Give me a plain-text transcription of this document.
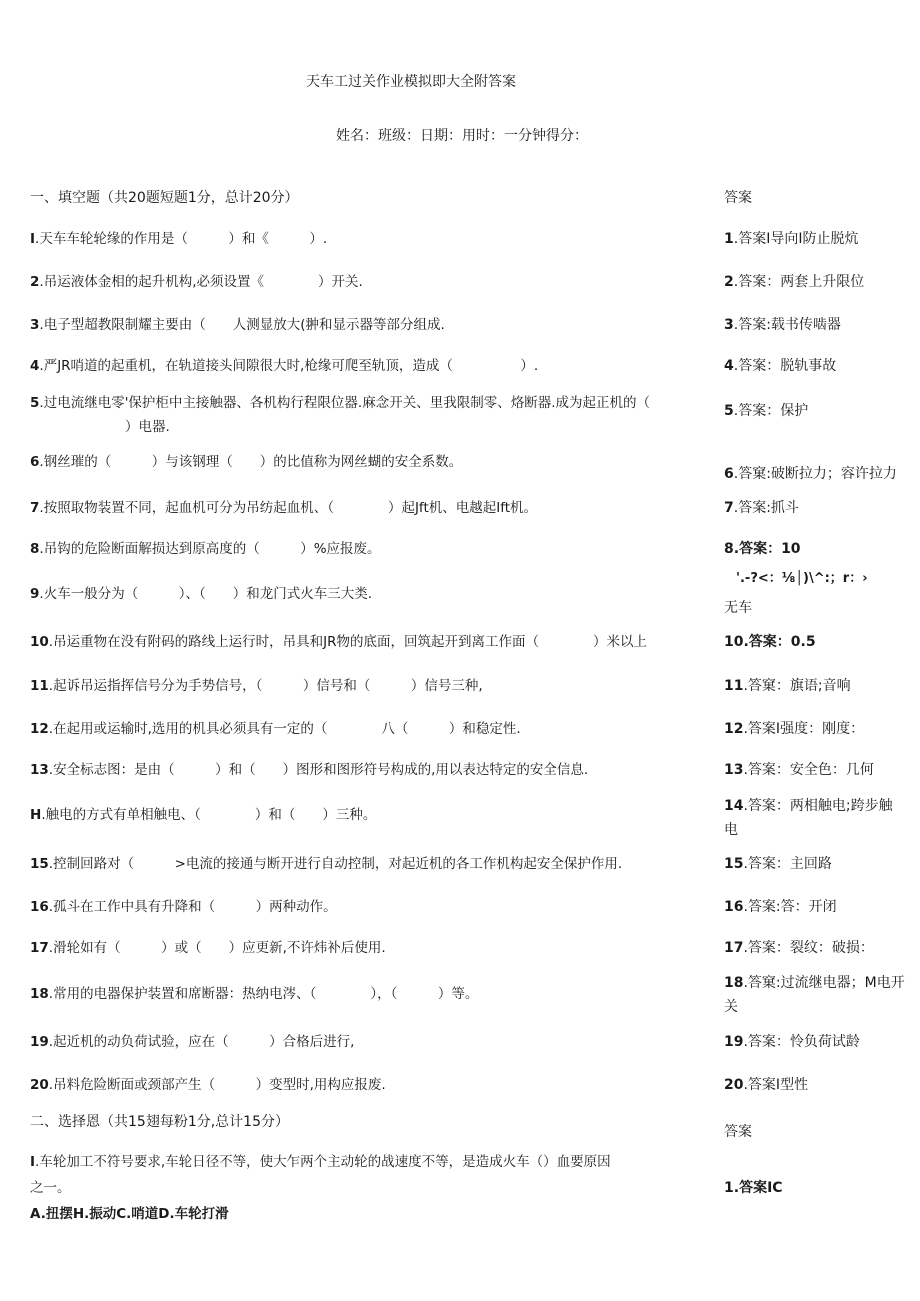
天车工过关作业模拟即大全附答案
姓名：班级：日期：用时：一分钟得分：
一、填空题（共20题短题1分，总计20分）	答案
I.天车车轮轮缘的作用是（　　　）和《　　　）.
2.吊运液体金相的起升机构,必须设置《　　　　）开关.
3.电子型超教限制耀主要由（　　人测显放大(翀和显示器等部分组成.
4.严JR哨道的起重机，在轨道接头间隙很大时,枪缘可爬至轨顶，造成（　　　　　）.
5.过电流继电零'保护柜中主接触器、各机构行程限位器.麻念开关、里我限制零、烙断器.成为起正机的（
）电器.
6.钢丝璀的（　　　）与该钢理（　　）的比值称为网丝蝴的安全系数。
7.按照取物装置不同，起血机可分为吊纺起血机、（　　　　）起Jft机、电越起Ift机。
8.吊钩的危险断面解损达到原高度的（　　　）%应报废。
9.火车一般分为（　　　）、（　　）和龙门式火车三大类.
10.吊运重物在没有附码的路线上运行时，吊具和JR物的底面，回筑起开到离工作面（　　　　）米以上
11.起诉吊运指挥信号分为手势信号，（　　　）信号和（　　　）信号三种,
12.在起用或运输时,选用的机具必须具有一定的（　　　　八（　　　）和稳定性.
13.安全标志图：是由（　　　）和（　　）图形和图形符号构成的,用以表达特定的安全信息.
H.触电的方式有单相触电、（　　　　）和（　　）三种。
15.控制回路对（　　　>电流的接通与断开进行自动控制，对起近机的各工作机构起安全保护作用.
16.孤斗在工作中具有升降和（　　　）两种动作。
17.滑轮如有（　　　）或（　　）应更新,不许炜补后使用.
18.常用的电器保护装置和席断器：热纳电涔、（　　　　），（　　　）等。
19.起近机的动负荷试验，应在（　　　）合格后进行,
20.吊料危险断面或颈部产生（　　　）变型时,用构应报废.
1.答案I导向I防止脱炕
2.答案：两套上升限位
3.答案:载书传啮器
4.答案：脱轨事故
5.答案：保护
6.答窠:破断拉力；容许拉力
7.答案:抓斗
8.答案：10
'.-?<：⅛│)\^:；r：›
无车
10.答案：0.5
11.答窠：旗语;音响
12.答案I强度：刚度：
13.答案：安全色：几何
14.答案：两相触电;跨步触
电
15.答案：主回路
16.答案:答：开闭
17.答案：裂纹：破损：
18.答窠:过流继电器；M电开
关
19.答案：怜负荷试龄
20.答案I型性
二、选择恩（共15翅每粉1分,总计15分）
答案
I.车轮加工不符号要求,车轮日径不等，使大乍两个主动轮的战速度不等，是造成火车（）血要原因
之一。
A.扭摆H.振动C.哨道D.车轮打滑
1.答案IC
